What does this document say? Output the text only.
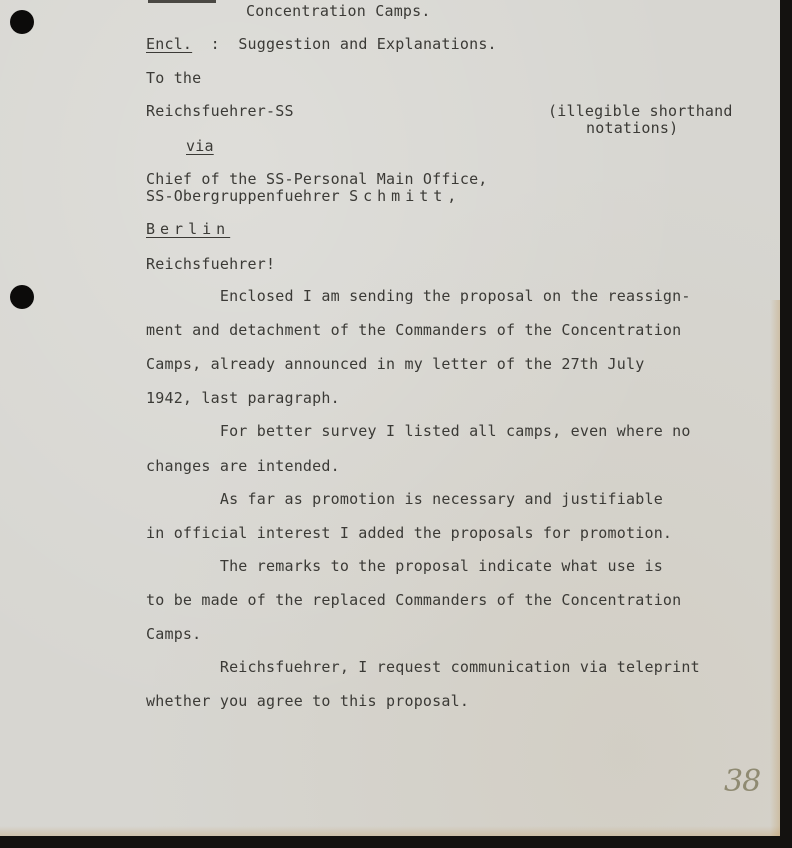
Concentration Camps.
Encl. : Suggestion and Explanations.
To the
Reichsfuehrer-SS	(illegible shorthand
notations)
via
Chief of the SS-Personal Main Office,
SS-Obergruppenfuehrer Schmitt,
Berlin
Reichsfuehrer!
Enclosed I am sending the proposal on the reassign-
ment and detachment of the Commanders of the Concentration
Camps, already announced in my letter of the 27th July
1942, last paragraph.
For better survey I listed all camps, even where no
changes are intended.
As far as promotion is necessary and justifiable
in official interest I added the proposals for promotion.
The remarks to the proposal indicate what use is
to be made of the replaced Commanders of the Concentration
Camps.
Reichsfuehrer, I request communication via teleprint
whether you agree to this proposal.
38
